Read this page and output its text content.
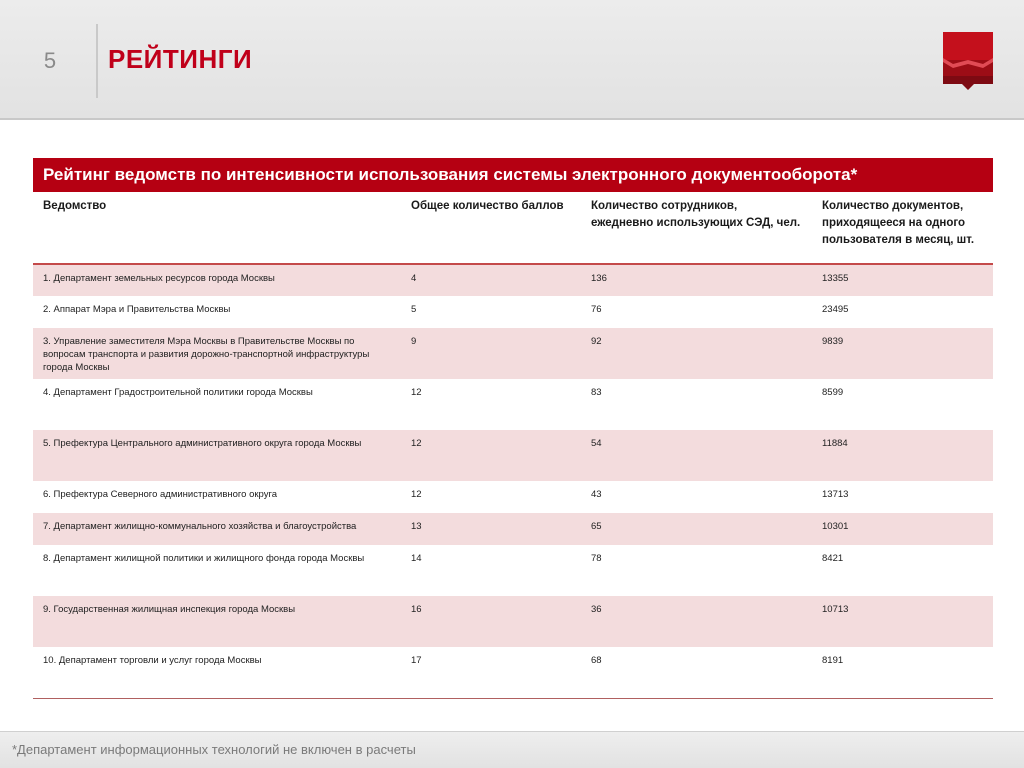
5 РЕЙТИНГИ
Рейтинг ведомств по интенсивности использования системы электронного документооборота*
Ведомство	Общее количество баллов	Количество сотрудников, ежедневно использующих СЭД, чел.	Количество документов, приходящееся на одного пользователя в месяц, шт.
1. Департамент земельных ресурсов города Москвы	4	136	13355
2. Аппарат Мэра и Правительства Москвы	5	76	23495
3. Управление заместителя Мэра Москвы в Правительстве Москвы по вопросам транспорта и развития дорожно-транспортной инфраструктуры города Москвы	9	92	9839
4. Департамент Градостроительной политики города Москвы	12	83	8599
5. Префектура Центрального административного округа города Москвы	12	54	11884
6. Префектура Северного административного округа	12	43	13713
7. Департамент жилищно-коммунального хозяйства и благоустройства	13	65	10301
8. Департамент жилищной политики и жилищного фонда города Москвы	14	78	8421
9. Государственная жилищная инспекция города Москвы	16	36	10713
10. Департамент торговли и услуг города Москвы	17	68	8191
*Департамент информационных технологий не включен в расчеты
